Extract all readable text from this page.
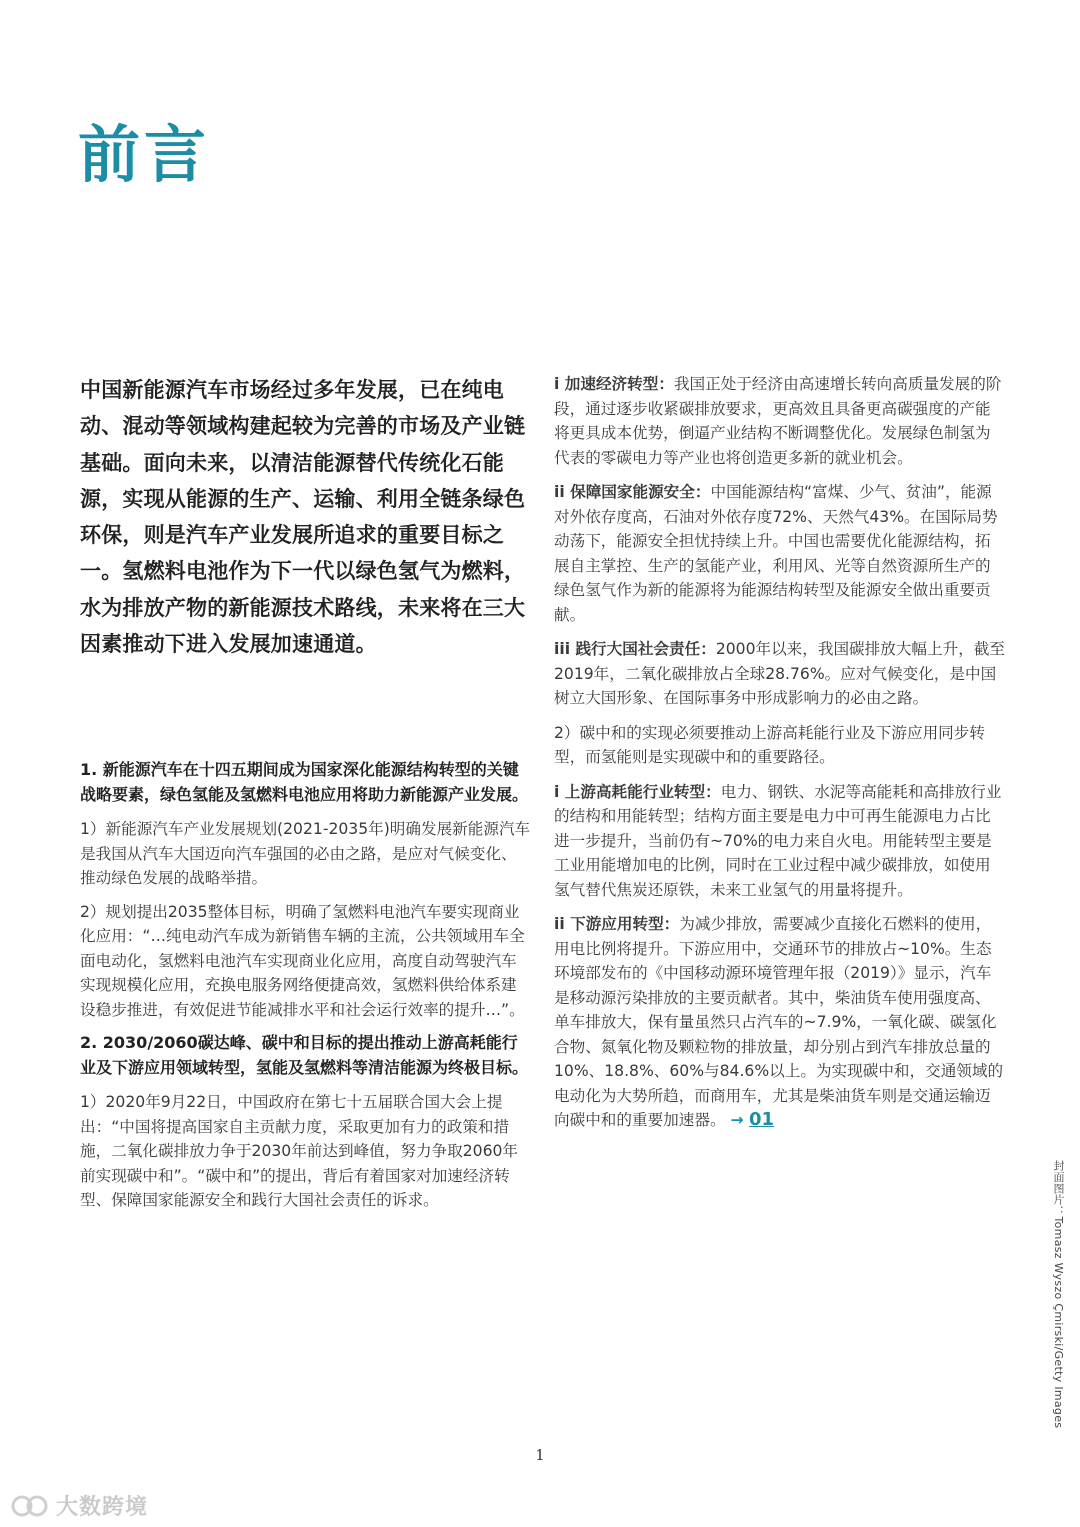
前言

中国新能源汽车市场经过多年发展，已在纯电动、混动等领域构建起较为完善的市场及产业链基础。面向未来，以清洁能源替代传统化石能源，实现从能源的生产、运输、利用全链条绿色环保，则是汽车产业发展所追求的重要目标之一。氢燃料电池作为下一代以绿色氢气为燃料，水为排放产物的新能源技术路线，未来将在三大因素推动下进入发展加速通道。

1. 新能源汽车在十四五期间成为国家深化能源结构转型的关键战略要素，绿色氢能及氢燃料电池应用将助力新能源产业发展。

1）新能源汽车产业发展规划(2021-2035年)明确发展新能源汽车是我国从汽车大国迈向汽车强国的必由之路，是应对气候变化、推动绿色发展的战略举措。

2）规划提出2035整体目标，明确了氢燃料电池汽车要实现商业化应用：“…纯电动汽车成为新销售车辆的主流，公共领域用车全面电动化，氢燃料电池汽车实现商业化应用，高度自动驾驶汽车实现规模化应用，充换电服务网络便捷高效，氢燃料供给体系建设稳步推进，有效促进节能减排水平和社会运行效率的提升…”。

2. 2030/2060碳达峰、碳中和目标的提出推动上游高耗能行业及下游应用领域转型，氢能及氢燃料等清洁能源为终极目标。

1）2020年9月22日，中国政府在第七十五届联合国大会上提出：“中国将提高国家自主贡献力度，采取更加有力的政策和措施，二氧化碳排放力争于2030年前达到峰值，努力争取2060年前实现碳中和”。“碳中和”的提出，背后有着国家对加速经济转型、保障国家能源安全和践行大国社会责任的诉求。

i 加速经济转型：我国正处于经济由高速增长转向高质量发展的阶段，通过逐步收紧碳排放要求，更高效且具备更高碳强度的产能将更具成本优势，倒逼产业结构不断调整优化。发展绿色制氢为代表的零碳电力等产业也将创造更多新的就业机会。

ii 保障国家能源安全：中国能源结构“富煤、少气、贫油”，能源对外依存度高，石油对外依存度72%、天然气43%。在国际局势动荡下，能源安全担忧持续上升。中国也需要优化能源结构，拓展自主掌控、生产的氢能产业，利用风、光等自然资源所生产的绿色氢气作为新的能源将为能源结构转型及能源安全做出重要贡献。

iii 践行大国社会责任：2000年以来，我国碳排放大幅上升，截至2019年，二氧化碳排放占全球28.76%。应对气候变化，是中国树立大国形象、在国际事务中形成影响力的必由之路。

2）碳中和的实现必须要推动上游高耗能行业及下游应用同步转型，而氢能则是实现碳中和的重要路径。

i 上游高耗能行业转型：电力、钢铁、水泥等高能耗和高排放行业的结构和用能转型；结构方面主要是电力中可再生能源电力占比进一步提升，当前仍有~70%的电力来自火电。用能转型主要是工业用能增加电的比例，同时在工业过程中减少碳排放，如使用氢气替代焦炭还原铁，未来工业氢气的用量将提升。

ii 下游应用转型：为减少排放，需要减少直接化石燃料的使用，用电比例将提升。下游应用中，交通环节的排放占~10%。生态环境部发布的《中国移动源环境管理年报（2019）》显示，汽车是移动源污染排放的主要贡献者。其中，柴油货车使用强度高、单车排放大，保有量虽然只占汽车的~7.9%，一氧化碳、碳氢化合物、氮氧化物及颗粒物的排放量，却分别占到汽车排放总量的10%、18.8%、60%与84.6%以上。为实现碳中和，交通领域的电动化为大势所趋，而商用车，尤其是柴油货车则是交通运输迈向碳中和的重要加速器。 → 01

封面图片：Tomasz Wyszo Çmirski/Getty Images
1
大数跨境
